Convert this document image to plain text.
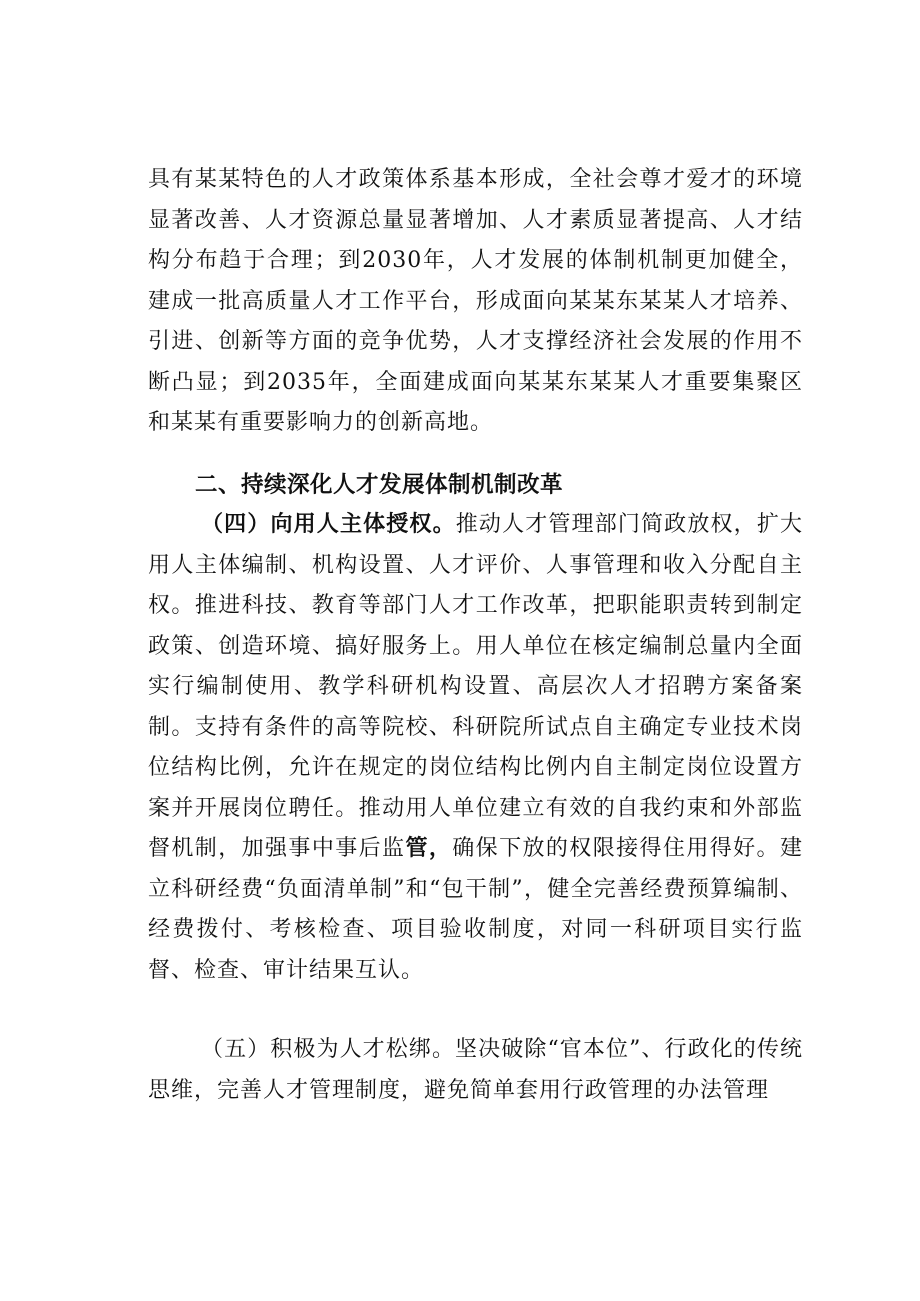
具有某某特色的人才政策体系基本形成，全社会尊才爱才的环境显著改善、人才资源总量显著增加、人才素质显著提高、人才结构分布趋于合理；到2030年，人才发展的体制机制更加健全，建成一批高质量人才工作平台，形成面向某某东某某人才培养、引进、创新等方面的竞争优势，人才支撑经济社会发展的作用不断凸显；到2035年，全面建成面向某某东某某人才重要集聚区和某某有重要影响力的创新高地。
二、持续深化人才发展体制机制改革
（四）向用人主体授权。推动人才管理部门简政放权，扩大用人主体编制、机构设置、人才评价、人事管理和收入分配自主权。推进科技、教育等部门人才工作改革，把职能职责转到制定政策、创造环境、搞好服务上。用人单位在核定编制总量内全面实行编制使用、教学科研机构设置、高层次人才招聘方案备案制。支持有条件的高等院校、科研院所试点自主确定专业技术岗位结构比例，允许在规定的岗位结构比例内自主制定岗位设置方案并开展岗位聘任。推动用人单位建立有效的自我约束和外部监督机制，加强事中事后监管，确保下放的权限接得住用得好。建立科研经费“负面清单制”和“包干制”，健全完善经费预算编制、经费拨付、考核检查、项目验收制度，对同一科研项目实行监督、检查、审计结果互认。
（五）积极为人才松绑。坚决破除“官本位”、行政化的传统思维，完善人才管理制度，避免简单套用行政管理的办法管理
